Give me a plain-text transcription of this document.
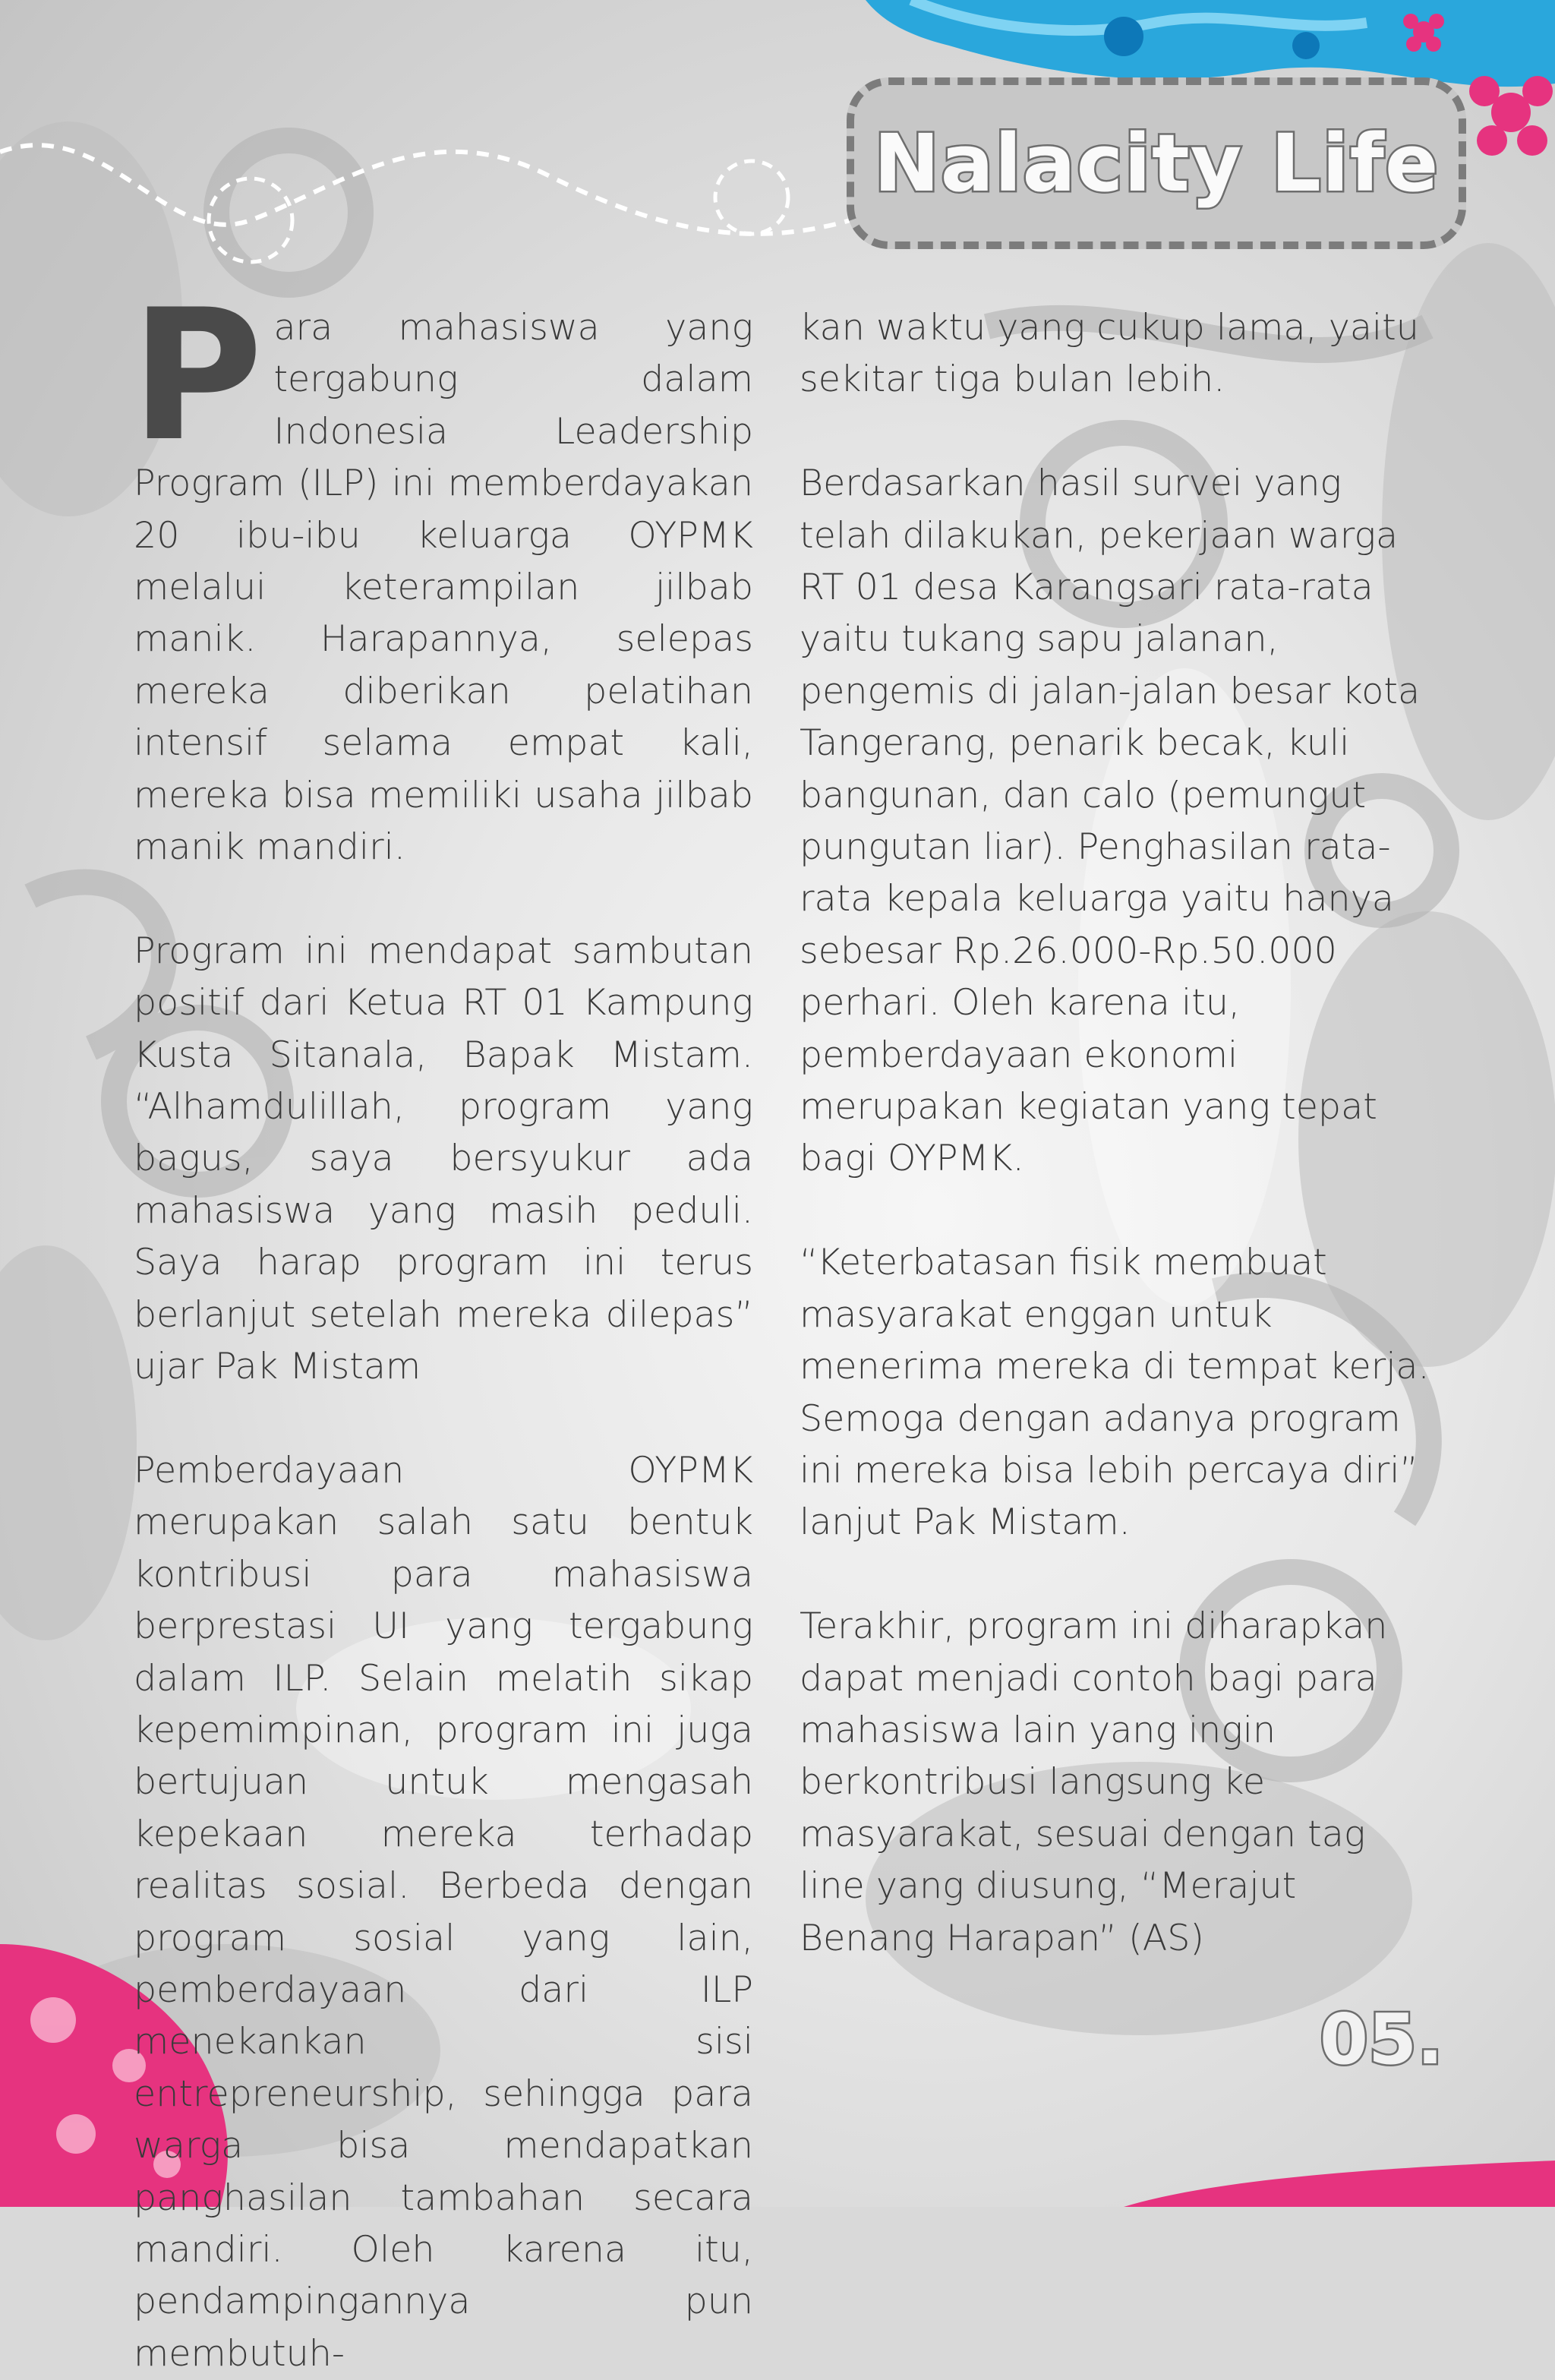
Nalacity Life

Para mahasiswa yang tergabung dalam Indonesia Leadership Program (ILP) ini memberdayakan 20 ibu-ibu keluarga OYPMK melalui keterampilan jilbab manik. Harapannya, selepas mereka diberikan pelatihan intensif selama empat kali, mereka bisa memiliki usaha jilbab manik mandiri.

Program ini mendapat sambutan positif dari Ketua RT 01 Kampung Kusta Sitanala, Bapak Mistam. “Alhamdulillah, program yang bagus, saya bersyukur ada mahasiswa yang masih peduli. Saya harap program ini terus berlanjut setelah mereka dilepas” ujar Pak Mistam

Pemberdayaan OYPMK merupakan salah satu bentuk kontribusi para mahasiswa berprestasi UI yang tergabung dalam ILP. Selain melatih sikap kepemimpinan, program ini juga bertujuan untuk mengasah kepekaan mereka terhadap realitas sosial. Berbeda dengan program sosial yang lain, pemberdayaan dari ILP menekankan sisi entrepreneurship, sehingga para warga bisa mendapatkan panghasilan tambahan secara mandiri. Oleh karena itu, pendampingannya pun membutuh-

kan waktu yang cukup lama, yaitu sekitar tiga bulan lebih.

Berdasarkan hasil survei yang telah dilakukan, pekerjaan warga RT 01 desa Karangsari rata-rata yaitu tukang sapu jalanan, pengemis di jalan-jalan besar kota Tangerang, penarik becak, kuli bangunan, dan calo (pemungut pungutan liar). Penghasilan rata-rata kepala keluarga yaitu hanya sebesar Rp.26.000-Rp.50.000 perhari. Oleh karena itu, pemberdayaan ekonomi merupakan kegiatan yang tepat bagi OYPMK.

“Keterbatasan fisik membuat masyarakat enggan untuk menerima mereka di tempat kerja. Semoga dengan adanya program ini mereka bisa lebih percaya diri” lanjut Pak Mistam.

Terakhir, program ini diharapkan dapat menjadi contoh bagi para mahasiswa lain yang ingin berkontribusi langsung ke masyarakat, sesuai dengan tag line yang diusung, “Merajut Benang Harapan” (AS)

05.
